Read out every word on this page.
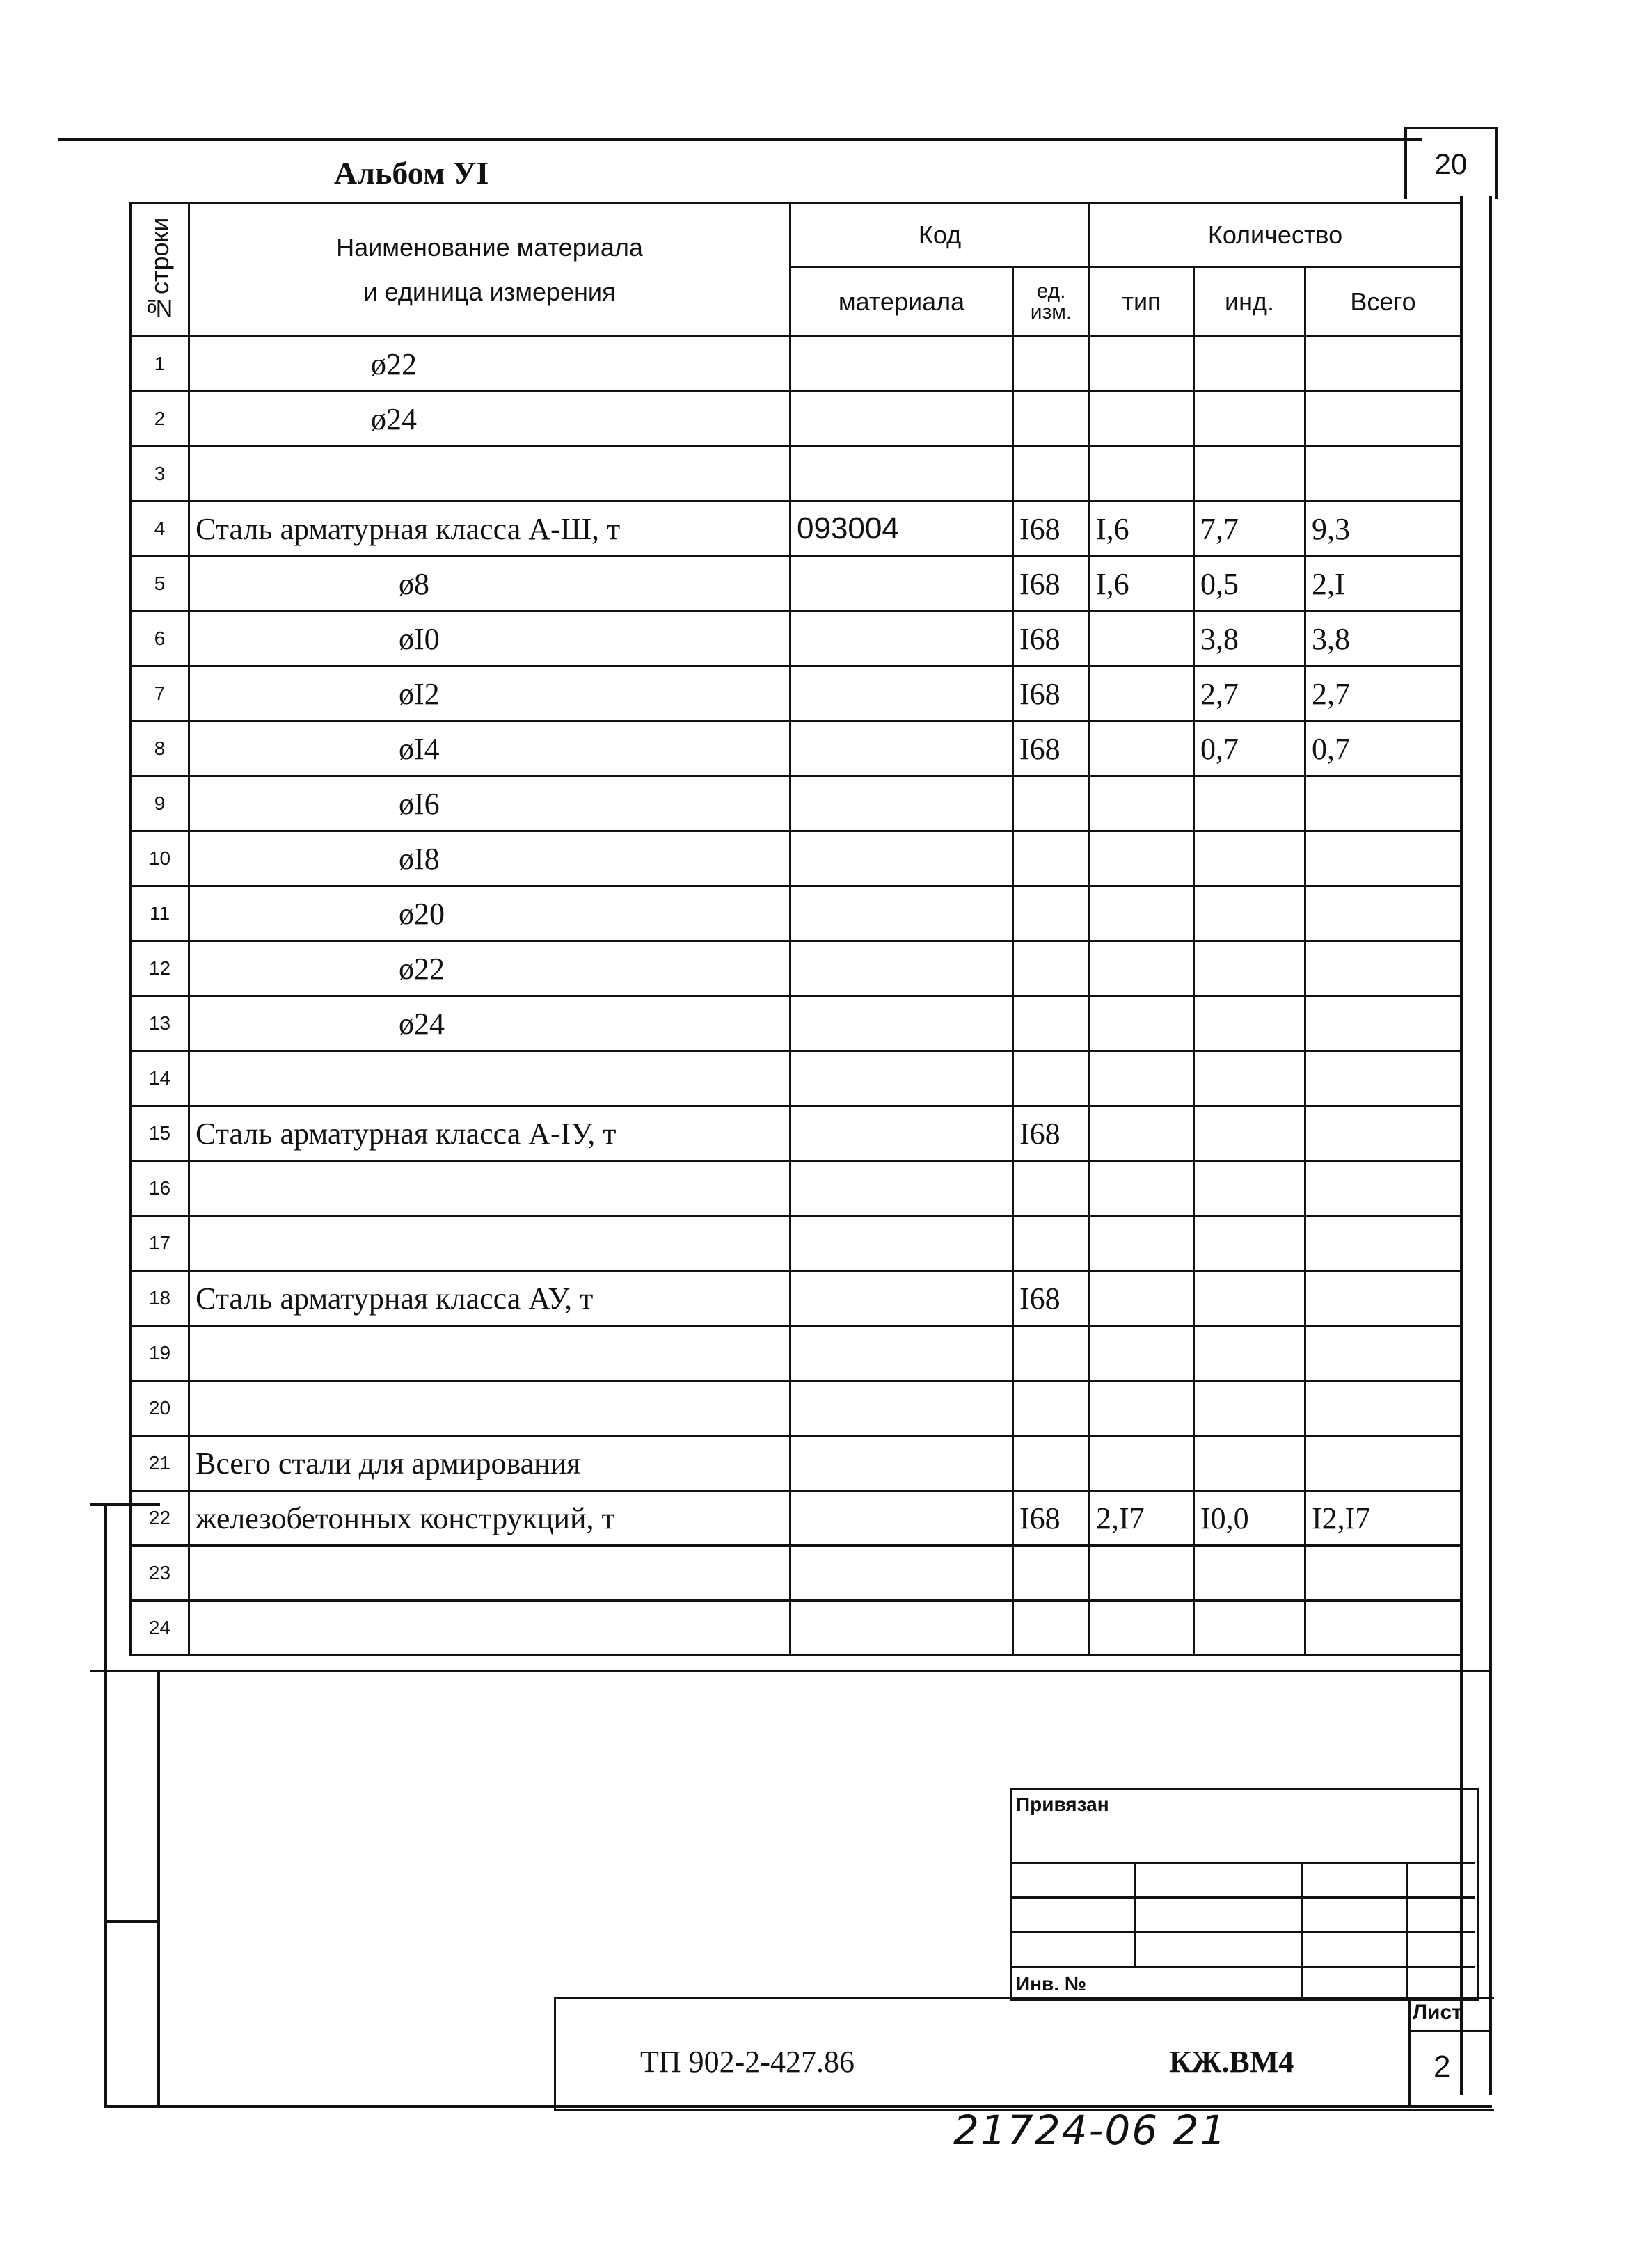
Альбом УI	20
№строки	Наименование материала
и единица измерения	Код		Количество		
		материала	ед. изм.	тип	инд.	Всего
1	ø22					
2	ø24					
3						
4	Сталь арматурная класса А-Ш, т	093004	I68	I,6	7,7	9,3
5	ø8		I68	I,6	0,5	2,I
6	øI0		I68		3,8	3,8
7	øI2		I68		2,7	2,7
8	øI4		I68		0,7	0,7
9	øI6					
10	øI8					
11	ø20					
12	ø22					
13	ø24					
14						
15	Сталь арматурная класса А-IУ, т		I68			
16						
17						
18	Сталь арматурная класса АУ, т		I68			
19						
20						
21	Всего стали для армирования					
22	железобетонных конструкций, т		I68	2,I7	I0,0	I2,I7
23						
24						
Привязан
Инв. №
ТП 902-2-427.86	КЖ.ВМ4
Лист
2
21724-06 21
